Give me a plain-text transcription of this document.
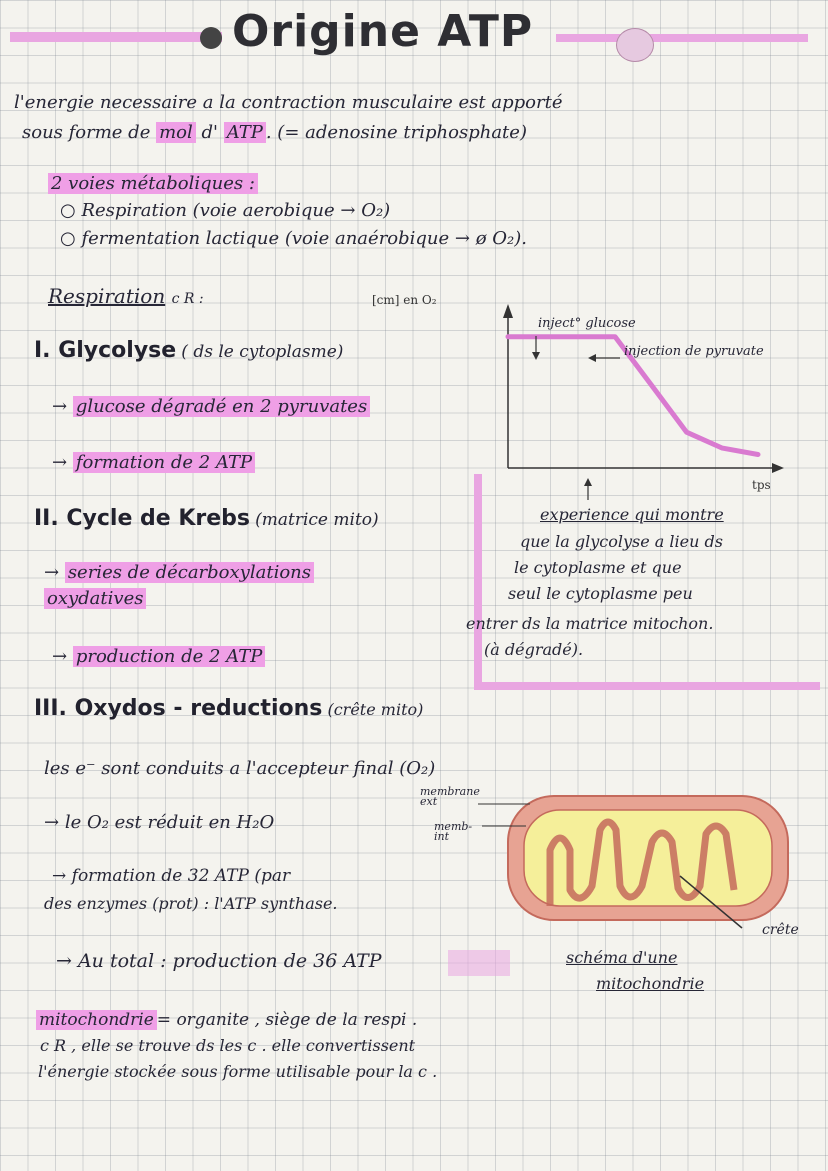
Origine ATP
l'energie necessaire a la contraction musculaire est apporté
sous forme de mol d' ATP . (= adenosine triphosphate)
2 voies métaboliques :
○ Respiration (voie aerobique → O₂)
○ fermentation lactique (voie anaérobique → ø O₂).
Respiration c R :
I. Glycolyse ( ds le cytoplasme)
→ glucose dégradé en 2 pyruvates
→ formation de 2 ATP
II. Cycle de Krebs (matrice mito)
→ series de décarboxylations
oxydatives
→ production de 2 ATP
III. Oxydos - reductions (crête mito)
les e⁻ sont conduits a l'accepteur final (O₂)
→ le O₂ est réduit en H₂O
→ formation de 32 ATP (par
des enzymes (prot) : l'ATP synthase.
→ Au total : production de 36 ATP
[cm] en O₂
inject° glucose
injection de pyruvate
tps
experience qui montre
que la glycolyse a lieu ds
le cytoplasme et que
seul le cytoplasme peu
entrer ds la matrice mitochon.
(à dégradé).
membrane ext
memb- int
crête
schéma d'une
mitochondrie
mitochondrie = organite , siège de la respi .
c R , elle se trouve ds les c . elle convertissent
l'énergie stockée sous forme utilisable pour la c .
